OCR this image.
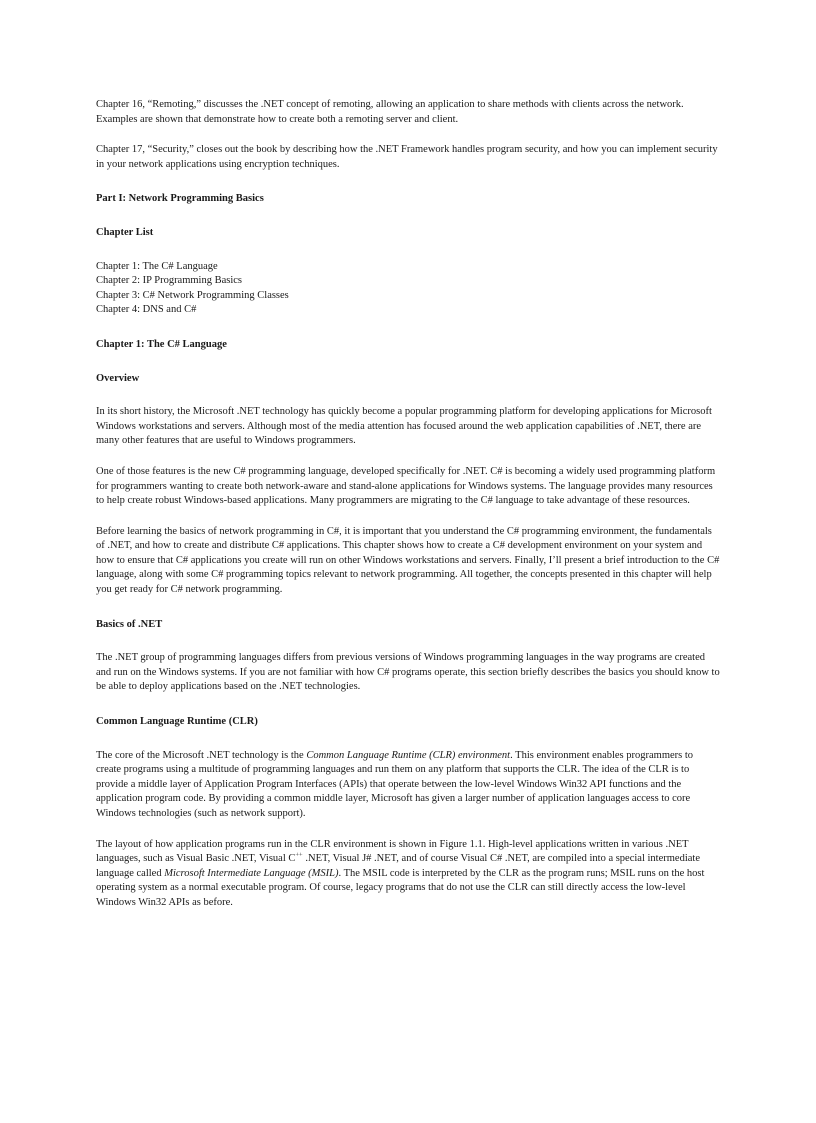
Chapter 16, “Remoting,” discusses the .NET concept of remoting, allowing an application to share methods with clients across the network. Examples are shown that demonstrate how to create both a remoting server and client.

Chapter 17, “Security,” closes out the book by describing how the .NET Framework handles program security, and how you can implement security in your network applications using encryption techniques.

Part I: Network Programming Basics

Chapter List

Chapter 1: The C# Language
Chapter 2: IP Programming Basics
Chapter 3: C# Network Programming Classes
Chapter 4: DNS and C#

Chapter 1: The C# Language

Overview

In its short history, the Microsoft .NET technology has quickly become a popular programming platform for developing applications for Microsoft Windows workstations and servers. Although most of the media attention has focused around the web application capabilities of .NET, there are many other features that are useful to Windows programmers.

One of those features is the new C# programming language, developed specifically for .NET. C# is becoming a widely used programming platform for programmers wanting to create both network-aware and stand-alone applications for Windows systems. The language provides many resources to help create robust Windows-based applications. Many programmers are migrating to the C# language to take advantage of these resources.

Before learning the basics of network programming in C#, it is important that you understand the C# programming environment, the fundamentals of .NET, and how to create and distribute C# applications. This chapter shows how to create a C# development environment on your system and how to ensure that C# applications you create will run on other Windows workstations and servers. Finally, I’ll present a brief introduction to the C# language, along with some C# programming topics relevant to network programming. All together, the concepts presented in this chapter will help you get ready for C# network programming.

Basics of .NET

The .NET group of programming languages differs from previous versions of Windows programming languages in the way programs are created and run on the Windows systems. If you are not familiar with how C# programs operate, this section briefly describes the basics you should know to be able to deploy applications based on the .NET technologies.

Common Language Runtime (CLR)

The core of the Microsoft .NET technology is the Common Language Runtime (CLR) environment. This environment enables programmers to create programs using a multitude of programming languages and run them on any platform that supports the CLR. The idea of the CLR is to provide a middle layer of Application Program Interfaces (APIs) that operate between the low-level Windows Win32 API functions and the application program code. By providing a common middle layer, Microsoft has given a larger number of application languages access to core Windows technologies (such as network support).

The layout of how application programs run in the CLR environment is shown in Figure 1.1. High-level applications written in various .NET languages, such as Visual Basic .NET, Visual C++ .NET, Visual J# .NET, and of course Visual C# .NET, are compiled into a special intermediate language called Microsoft Intermediate Language (MSIL). The MSIL code is interpreted by the CLR as the program runs; MSIL runs on the host operating system as a normal executable program. Of course, legacy programs that do not use the CLR can still directly access the low-level Windows Win32 APIs as before.
